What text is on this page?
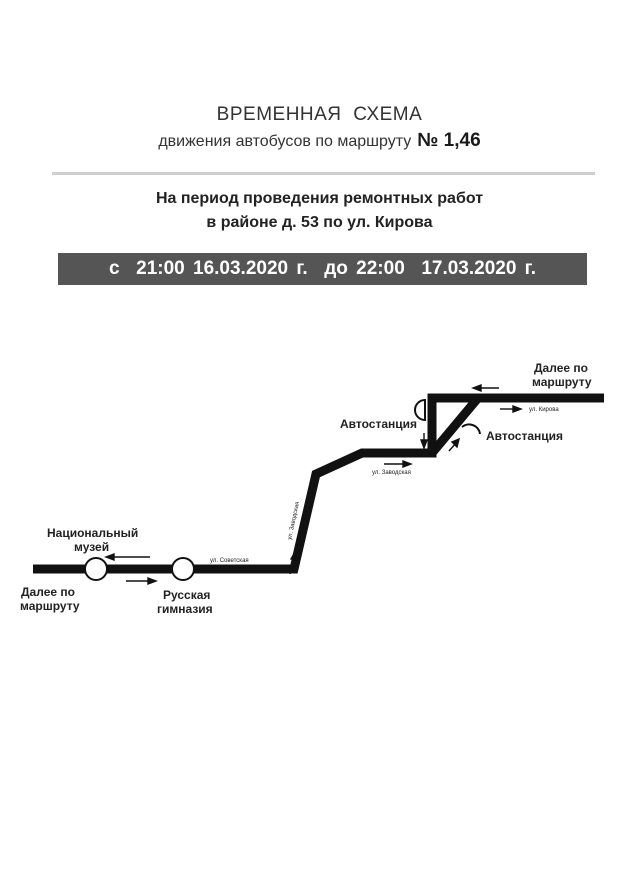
ВРЕМЕННАЯ СХЕМА
движения автобусов по маршруту № 1,46
На период проведения ремонтных работ
в районе д. 53 по ул. Кирова
с  21:00 16.03.2020 г.  до 22:00  17.03.2020 г.
ул. Советская
ул. Заводская
ул. Заводская
ул. Кирова
Далее по
маршруту
Автостанция
Автостанция
Национальный
музей
Далее по
маршруту
Русская
гимназия
